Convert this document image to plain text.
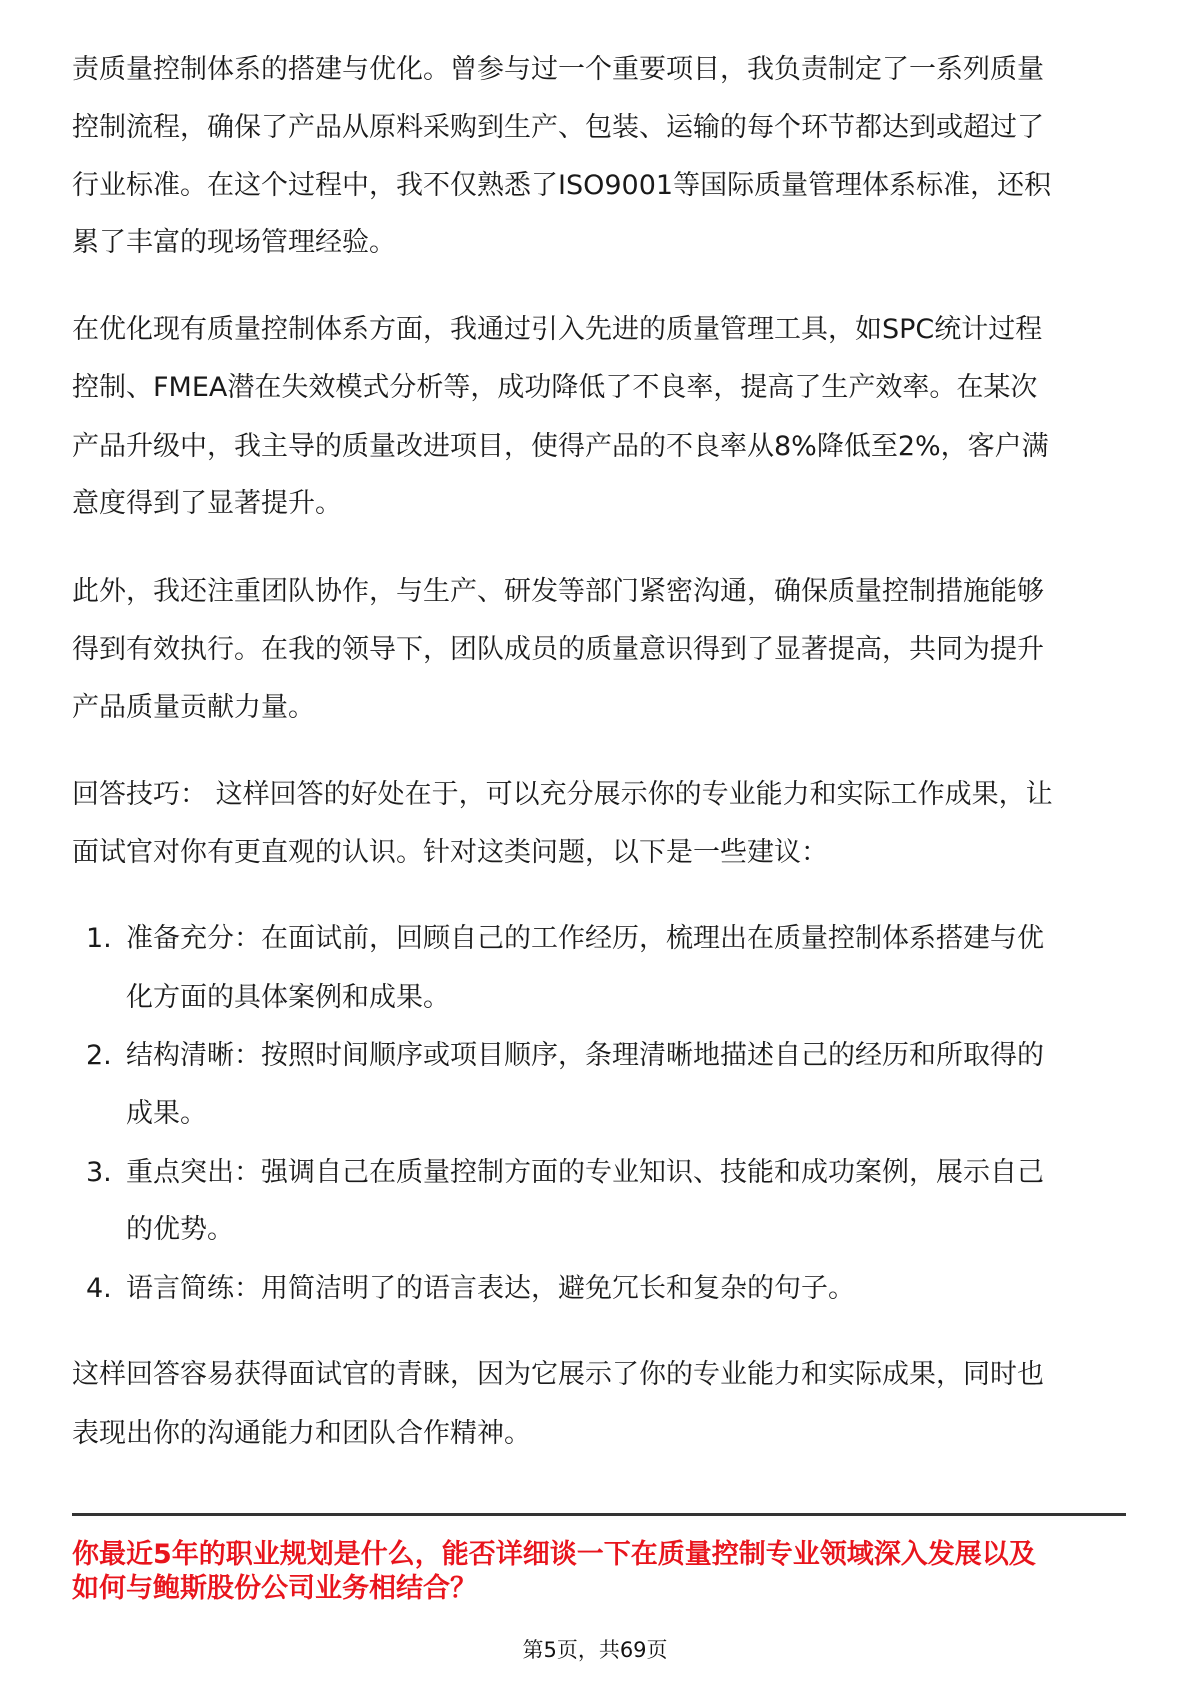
责质量控制体系的搭建与优化。曾参与过一个重要项目，我负责制定了一系列质量
控制流程，确保了产品从原料采购到生产、包装、运输的每个环节都达到或超过了
行业标准。在这个过程中，我不仅熟悉了ISO9001等国际质量管理体系标准，还积
累了丰富的现场管理经验。
在优化现有质量控制体系方面，我通过引入先进的质量管理工具，如SPC统计过程
控制、FMEA潜在失效模式分析等，成功降低了不良率，提高了生产效率。在某次
产品升级中，我主导的质量改进项目，使得产品的不良率从8%降低至2%，客户满
意度得到了显著提升。
此外，我还注重团队协作，与生产、研发等部门紧密沟通，确保质量控制措施能够
得到有效执行。在我的领导下，团队成员的质量意识得到了显著提高，共同为提升
产品质量贡献力量。
回答技巧： 这样回答的好处在于，可以充分展示你的专业能力和实际工作成果，让
面试官对你有更直观的认识。针对这类问题，以下是一些建议：
1. 准备充分：在面试前，回顾自己的工作经历，梳理出在质量控制体系搭建与优
化方面的具体案例和成果。
2. 结构清晰：按照时间顺序或项目顺序，条理清晰地描述自己的经历和所取得的
成果。
3. 重点突出：强调自己在质量控制方面的专业知识、技能和成功案例，展示自己
的优势。
4. 语言简练：用简洁明了的语言表达，避免冗长和复杂的句子。
这样回答容易获得面试官的青睐，因为它展示了你的专业能力和实际成果，同时也
表现出你的沟通能力和团队合作精神。
你最近5年的职业规划是什么，能否详细谈一下在质量控制专业领域深入发展以及
如何与鲍斯股份公司业务相结合？
第5页，共69页
